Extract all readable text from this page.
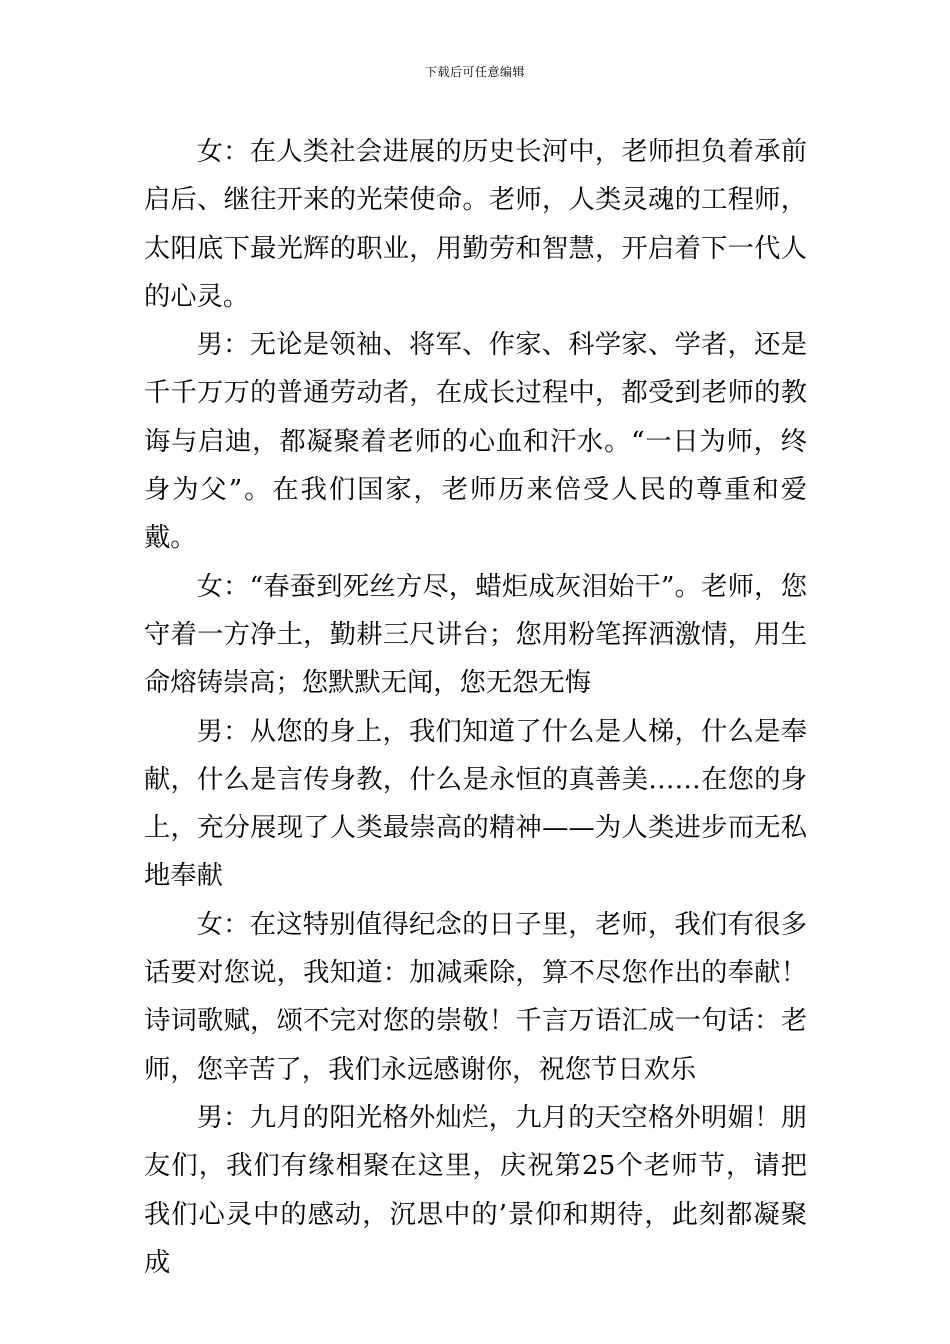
下载后可任意编辑

女：在人类社会进展的历史长河中，老师担负着承前启后、继往开来的光荣使命。老师，人类灵魂的工程师，太阳底下最光辉的职业，用勤劳和智慧，开启着下一代人的心灵。

男：无论是领袖、将军、作家、科学家、学者，还是千千万万的普通劳动者，在成长过程中，都受到老师的教诲与启迪，都凝聚着老师的心血和汗水。“一日为师，终身为父”。在我们国家，老师历来倍受人民的尊重和爱戴。

女：“春蚕到死丝方尽，蜡炬成灰泪始干”。老师，您守着一方净土，勤耕三尺讲台；您用粉笔挥洒激情，用生命熔铸崇高；您默默无闻，您无怨无悔

男：从您的身上，我们知道了什么是人梯，什么是奉献，什么是言传身教，什么是永恒的真善美……在您的身上，充分展现了人类最崇高的精神——为人类进步而无私地奉献

女：在这特别值得纪念的日子里，老师，我们有很多话要对您说，我知道：加减乘除，算不尽您作出的奉献！诗词歌赋，颂不完对您的崇敬！千言万语汇成一句话：老师，您辛苦了，我们永远感谢你，祝您节日欢乐

男：九月的阳光格外灿烂，九月的天空格外明媚！朋友们，我们有缘相聚在这里，庆祝第25个老师节，请把我们心灵中的感动，沉思中的’景仰和期待，此刻都凝聚成
